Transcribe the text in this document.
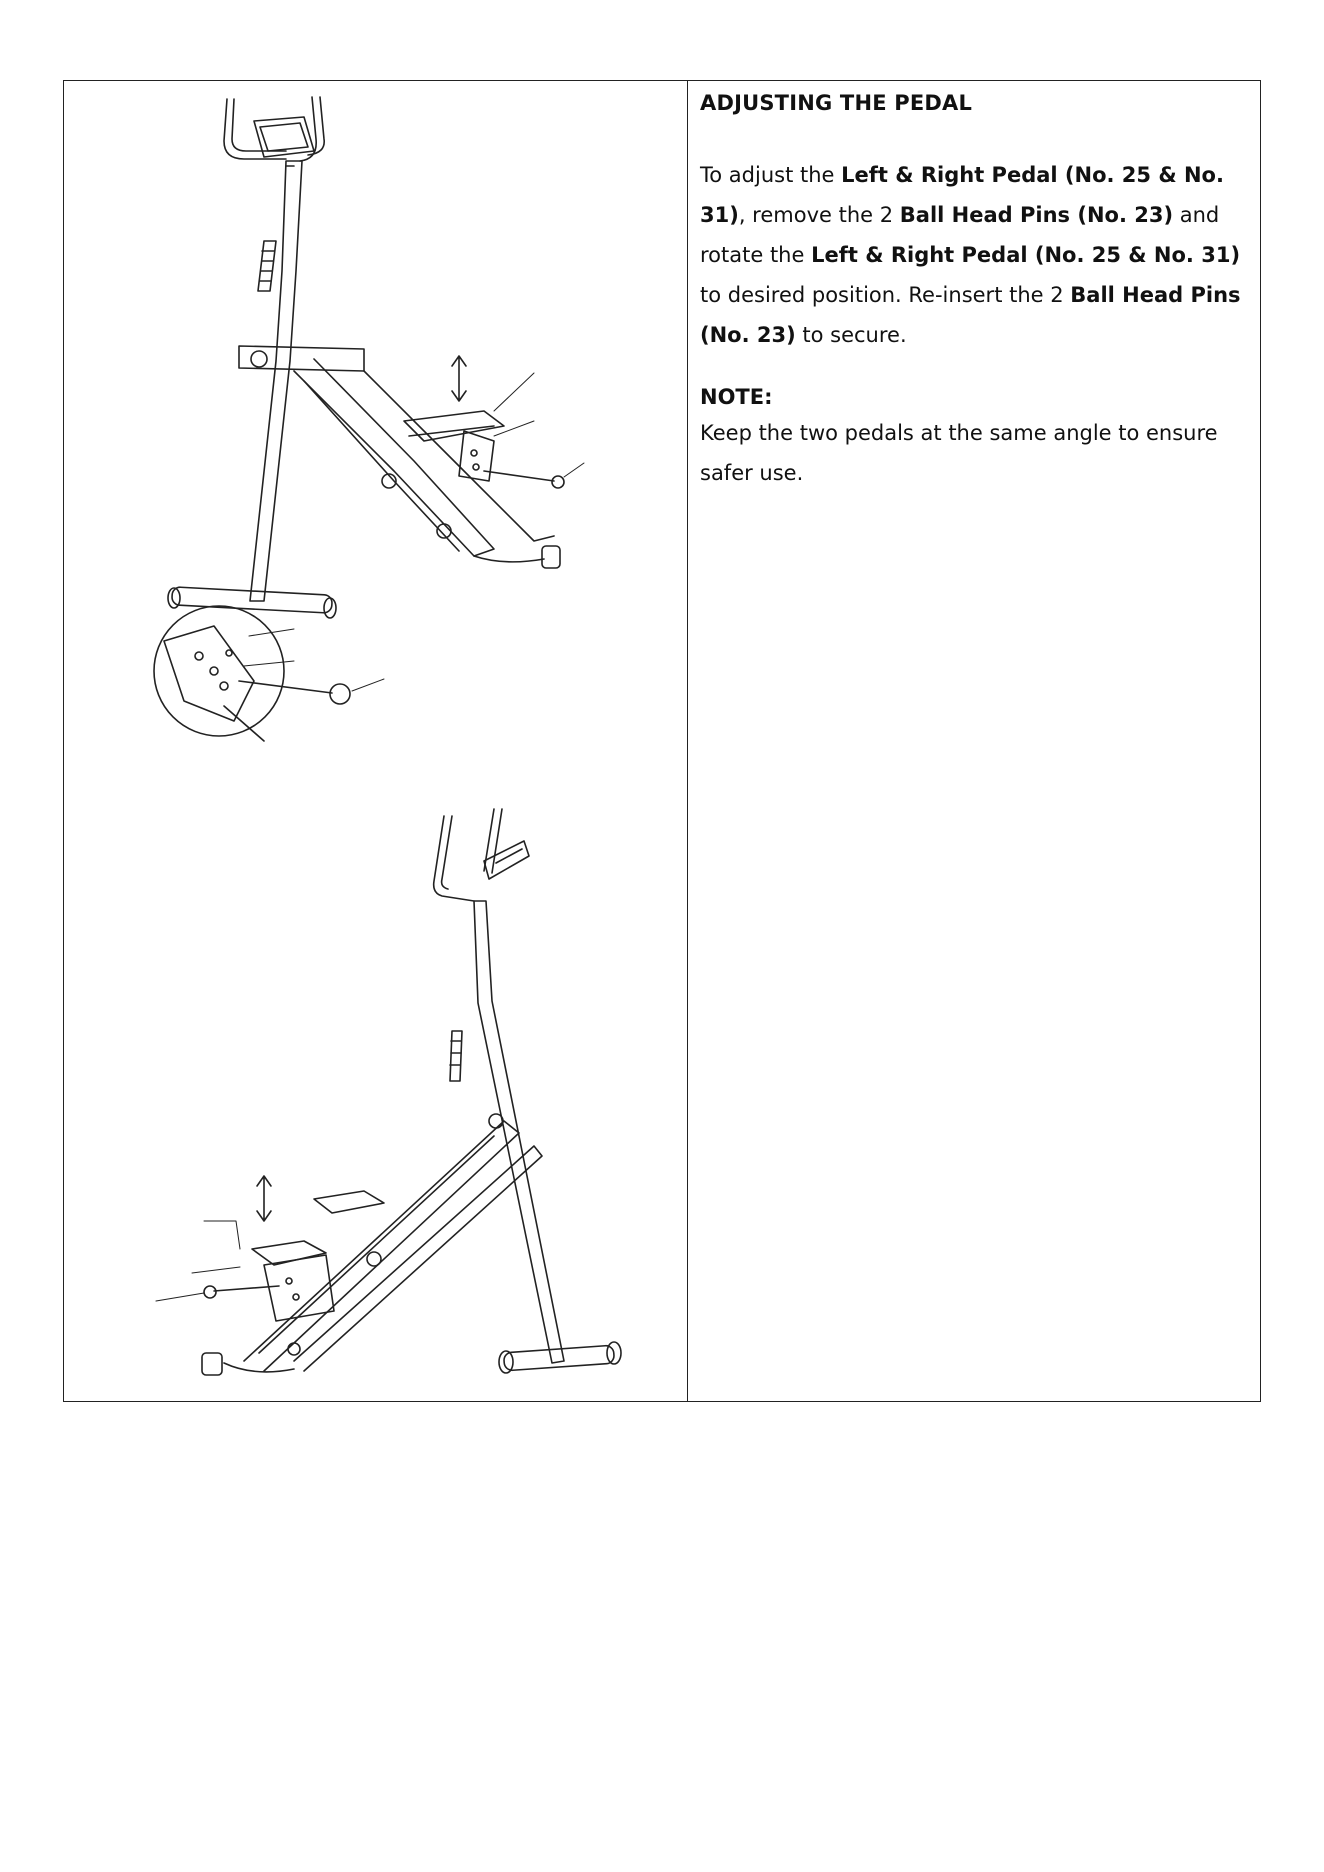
ADJUSTING THE PEDAL

To adjust the Left & Right Pedal (No. 25 & No. 31), remove the 2 Ball Head Pins (No. 23) and rotate the Left & Right Pedal (No. 25 & No. 31) to desired position. Re-insert the 2 Ball Head Pins (No. 23) to secure.

NOTE:
Keep the two pedals at the same angle to ensure safer use.
